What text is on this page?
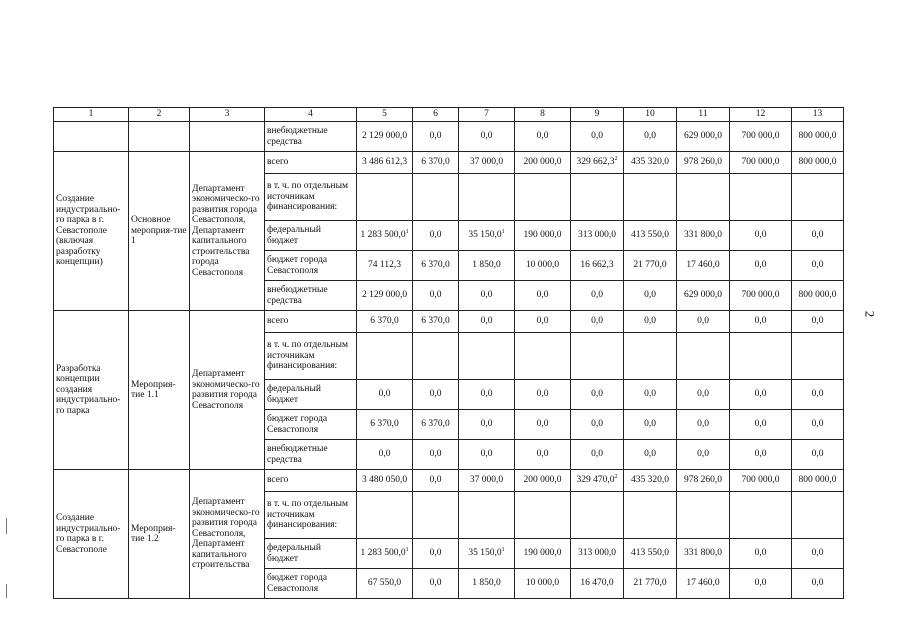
1	2	3	4	5	6	7	8	9	10	11	12	13
			внебюджетные средства	2 129 000,0	0,0	0,0	0,0	0,0	0,0	629 000,0	700 000,0	800 000,0
Создание индустриально-го парка в г. Севастополе (включая разработку концепции)	Основное мероприя-тие 1	Департамент экономическо-го развития города Севастополя, Департамент капитального строительства города Севастополя	всего	3 486 612,3	6 370,0	37 000,0	200 000,0	329 662,3$^2$	435 320,0	978 260,0	700 000,0	800 000,0
			в т. ч. по отдельным источникам финансирования:									
			федеральный бюджет	1 283 500,0$^1$	0,0	35 150,0$^1$	190 000,0	313 000,0	413 550,0	331 800,0	0,0	0,0
			бюджет города Севастополя	74 112,3	6 370,0	1 850,0	10 000,0	16 662,3	21 770,0	17 460,0	0,0	0,0
			внебюджетные средства	2 129 000,0	0,0	0,0	0,0	0,0	0,0	629 000,0	700 000,0	800 000,0
Разработка концепции создания индустриально-го парка	Мероприя-тие 1.1	Департамент экономическо-го развития города Севастополя	всего	6 370,0	6 370,0	0,0	0,0	0,0	0,0	0,0	0,0	0,0
			в т. ч. по отдельным источникам финансирования:									
			федеральный бюджет	0,0	0,0	0,0	0,0	0,0	0,0	0,0	0,0	0,0
			бюджет города Севастополя	6 370,0	6 370,0	0,0	0,0	0,0	0,0	0,0	0,0	0,0
			внебюджетные средства	0,0	0,0	0,0	0,0	0,0	0,0	0,0	0,0	0,0
Создание индустриально-го парка в г. Севастополе	Мероприя-тие 1.2	Департамент экономическо-го развития города Севастополя, Департамент капитального строительства	всего	3 480 050,0	0,0	37 000,0	200 000,0	329 470,0$^2$	435 320,0	978 260,0	700 000,0	800 000,0
			в т. ч. по отдельным источникам финансирования:									
			федеральный бюджет	1 283 500,0$^1$	0,0	35 150,0$^1$	190 000,0	313 000,0	413 550,0	331 800,0	0,0	0,0
			бюджет города Севастополя	67 550,0	0,0	1 850,0	10 000,0	16 470,0	21 770,0	17 460,0	0,0	0,0
2
